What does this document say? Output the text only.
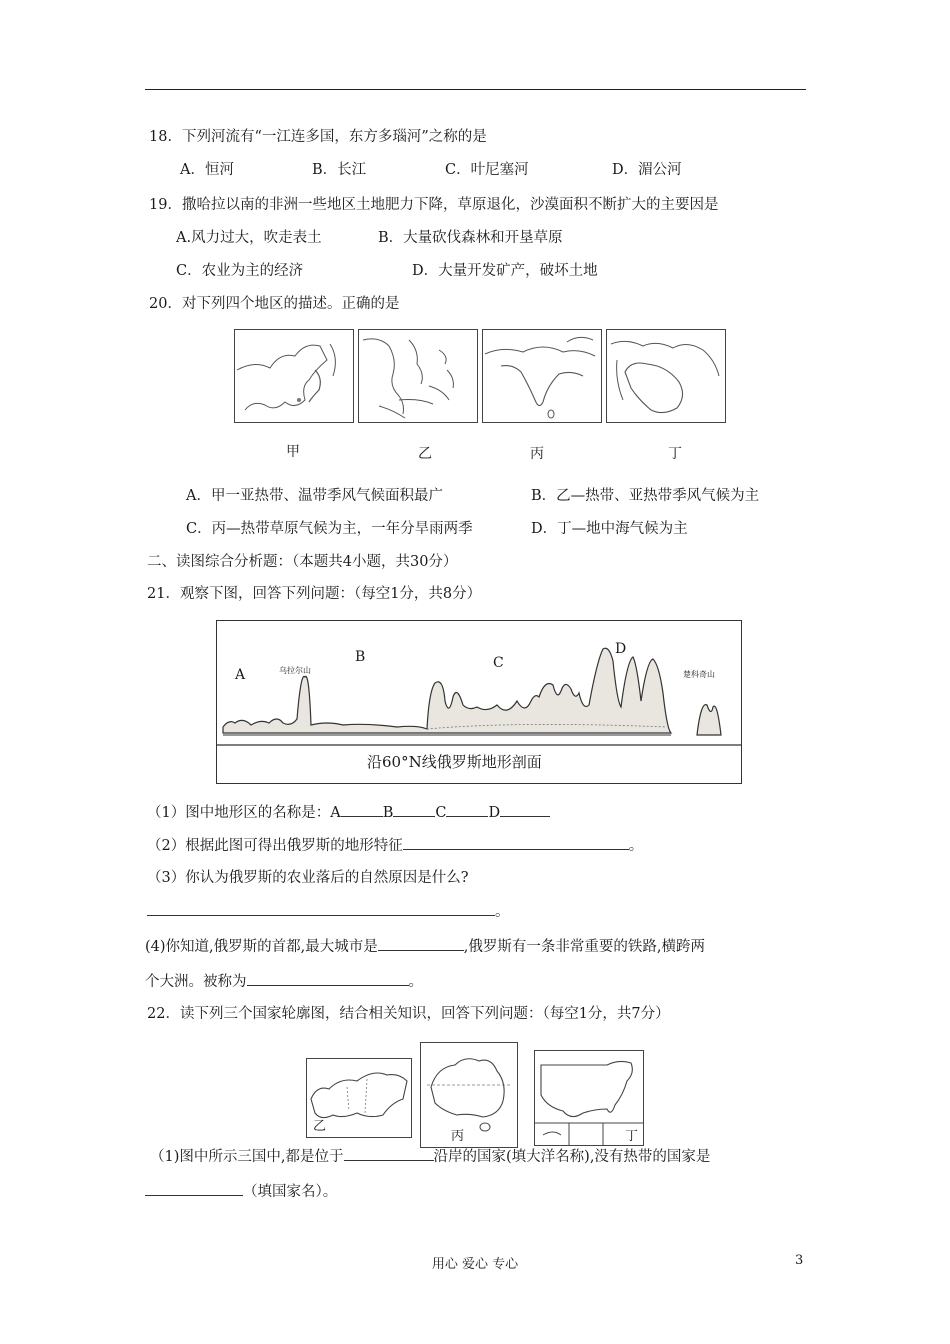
18．下列河流有“一江连多国，东方多瑙河”之称的是
A．恒河	B．长江	C．叶尼塞河	D．湄公河
19．撒哈拉以南的非洲一些地区土地肥力下降，草原退化，沙漠面积不断扩大的主要因是
A.风力过大，吹走表土	B．大量砍伐森林和开垦草原
C．农业为主的经济	D．大量开发矿产，破坏土地
20．对下列四个地区的描述。正确的是
甲	乙	丙	丁
A．甲一亚热带、温带季风气候面积最广	B．乙—热带、亚热带季风气候为主
C．丙—热带草原气候为主，一年分旱雨两季	D．丁—地中海气候为主
二、读图综合分析题：（本题共4小题，共30分）
21．观察下图，回答下列问题：（每空1分，共8分）
A
B	C
D
乌拉尔山	楚科奇山
沿60°N线俄罗斯地形剖面
（1）图中地形区的名称是：A	B	C	D
（2）根据此图可得出俄罗斯的地形特征	。
（3）你认为俄罗斯的农业落后的自然原因是什么?
。
(4)你知道,俄罗斯的首都,最大城市是	,俄罗斯有一条非常重要的铁路,横跨两
个大洲。被称为	。
22．读下列三个国家轮廓图，结合相关知识，回答下列问题：（每空1分，共7分）
乙
丙	丁
（1)图中所示三国中,都是位于	沿岸的国家(填大洋名称),没有热带的国家是
（填国家名）。
用心 爱心 专心	3
